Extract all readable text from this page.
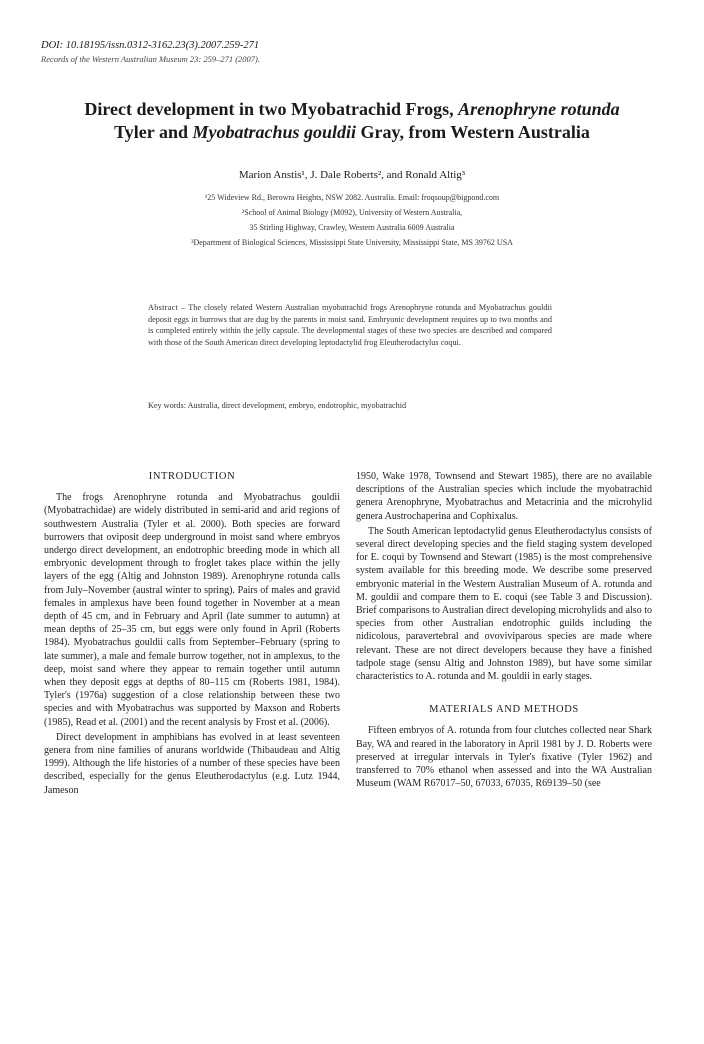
DOI: 10.18195/issn.0312-3162.23(3).2007.259-271
Records of the Western Australian Museum 23: 259–271 (2007).
Direct development in two Myobatrachid Frogs, Arenophryne rotunda
Tyler and Myobatrachus gouldii Gray, from Western Australia
Marion Anstis¹, J. Dale Roberts², and Ronald Altig³
¹25 Wideview Rd., Berowra Heights, NSW 2082. Australia. Email: froqsoup@bigpond.com
²School of Animal Biology (M092), University of Western Australia,
35 Stirling Highway, Crawley, Western Australia 6009 Australia
³Department of Biological Sciences, Mississippi State University, Mississippi State, MS 39762 USA
Abstract – The closely related Western Australian myobatrachid frogs Arenophryne rotunda and Myobatrachus gouldii deposit eggs in burrows that are dug by the parents in moist sand. Embryonic development requires up to two months and is completed entirely within the jelly capsule. The developmental stages of these two species are described and compared with those of the South American direct developing leptodactylid frog Eleutherodactylus coqui.
Key words: Australia, direct development, embryo, endotrophic, myobatrachid
INTRODUCTION

The frogs Arenophryne rotunda and Myobatrachus gouldii (Myobatrachidae) are widely distributed in semi-arid and arid regions of southwestern Australia (Tyler et al. 2000). Both species are forward burrowers that oviposit deep underground in moist sand where embryos undergo direct development, an endotrophic breeding mode in which all embryonic development through to froglet takes place within the jelly layers of the egg (Altig and Johnston 1989). Arenophryne rotunda calls from July–November (austral winter to spring). Pairs of males and gravid females in amplexus have been found together in November at a mean depth of 45 cm, and in February and April (late summer to autumn) at mean depths of 25–35 cm, but eggs were only found in April (Roberts 1984). Myobatrachus gouldii calls from September–February (spring to late summer), a male and female burrow together, not in amplexus, to the deep, moist sand where they appear to remain together until autumn when they deposit eggs at depths of 80–115 cm (Roberts 1981, 1984). Tyler's (1976a) suggestion of a close relationship between these two species and with Myobatrachus was supported by Maxson and Roberts (1985), Read et al. (2001) and the recent analysis by Frost et al. (2006).

Direct development in amphibians has evolved in at least seventeen genera from nine families of anurans worldwide (Thibaudeau and Altig 1999). Although the life histories of a number of these species have been described, especially for the genus Eleutherodactylus (e.g. Lutz 1944, Jameson

1950, Wake 1978, Townsend and Stewart 1985), there are no available descriptions of the Australian species which include the myobatrachid genera Arenophryne, Myobatrachus and Metacrinia and the microhylid genera Austrochaperina and Cophixalus.

The South American leptodactylid genus Eleutherodactylus consists of several direct developing species and the field staging system developed for E. coqui by Townsend and Stewart (1985) is the most comprehensive system available for this breeding mode. We describe some preserved embryonic material in the Western Australian Museum of A. rotunda and M. gouldii and compare them to E. coqui (see Table 3 and Discussion). Brief comparisons to Australian direct developing microhylids and also to species from other Australian endotrophic guilds including the nidicolous, paravertebral and ovoviviparous species are made where relevant. These are not direct developers because they have a finished tadpole stage (sensu Altig and Johnston 1989), but have some similar characteristics to A. rotunda and M. gouldii in early stages.

MATERIALS AND METHODS

Fifteen embryos of A. rotunda from four clutches collected near Shark Bay, WA and reared in the laboratory in April 1981 by J. D. Roberts were preserved at irregular intervals in Tyler's fixative (Tyler 1962) and transferred to 70% ethanol when assessed and into the WA Australian Museum (WAM R67017–50, 67033, 67035, R69139–50 (see
